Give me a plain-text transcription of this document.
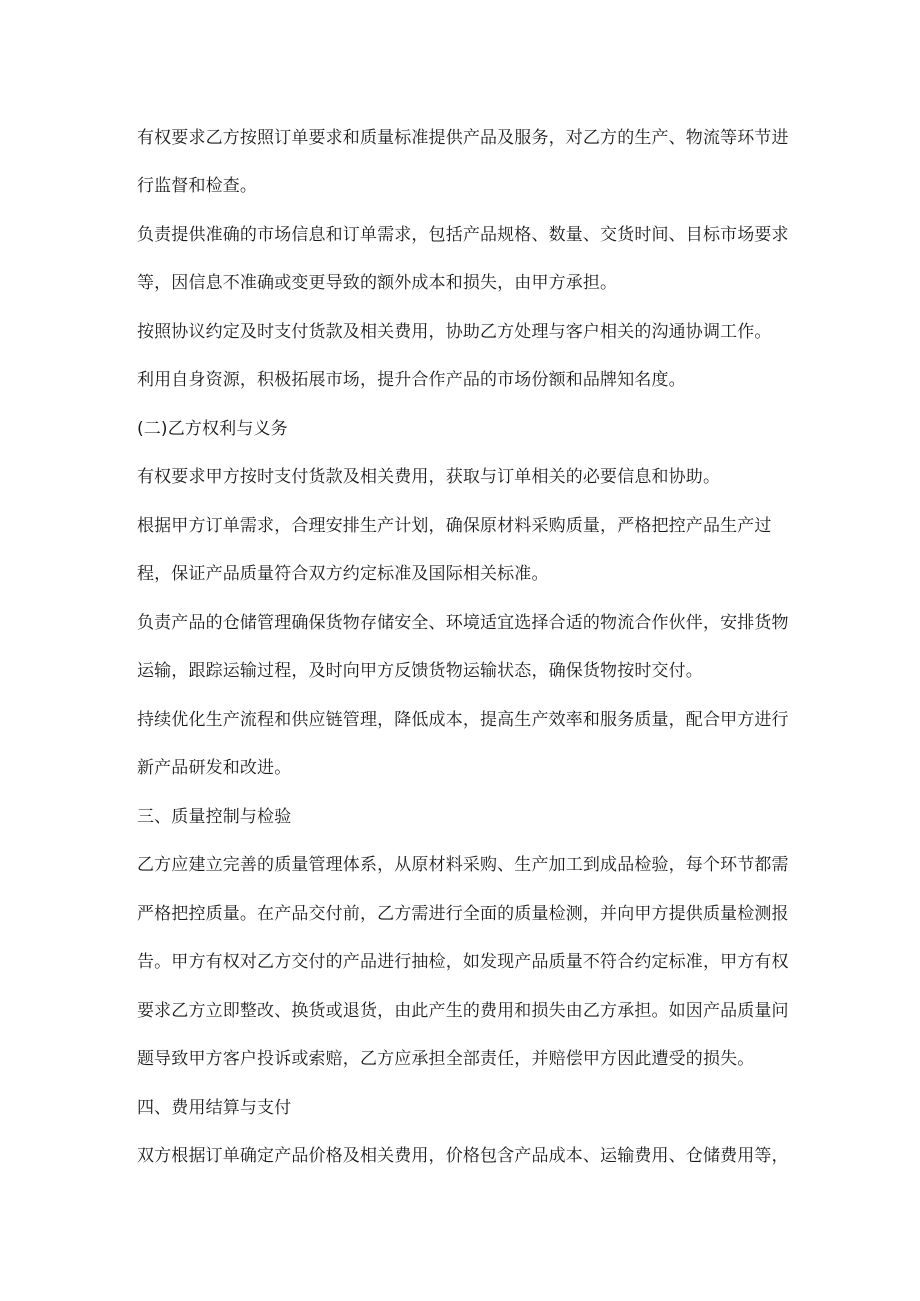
有权要求乙方按照订单要求和质量标准提供产品及服务，对乙方的生产、物流等环节进
行监督和检查。
负责提供准确的市场信息和订单需求，包括产品规格、数量、交货时间、目标市场要求
等，因信息不准确或变更导致的额外成本和损失，由甲方承担。
按照协议约定及时支付货款及相关费用，协助乙方处理与客户相关的沟通协调工作。
利用自身资源，积极拓展市场，提升合作产品的市场份额和品牌知名度。
(二)乙方权利与义务
有权要求甲方按时支付货款及相关费用，获取与订单相关的必要信息和协助。
根据甲方订单需求，合理安排生产计划，确保原材料采购质量，严格把控产品生产过
程，保证产品质量符合双方约定标准及国际相关标准。
负责产品的仓储管理确保货物存储安全、环境适宜选择合适的物流合作伙伴，安排货物
运输，跟踪运输过程，及时向甲方反馈货物运输状态，确保货物按时交付。
持续优化生产流程和供应链管理，降低成本，提高生产效率和服务质量，配合甲方进行
新产品研发和改进。
三、质量控制与检验
乙方应建立完善的质量管理体系，从原材料采购、生产加工到成品检验，每个环节都需
严格把控质量。在产品交付前，乙方需进行全面的质量检测，并向甲方提供质量检测报
告。甲方有权对乙方交付的产品进行抽检，如发现产品质量不符合约定标准，甲方有权
要求乙方立即整改、换货或退货，由此产生的费用和损失由乙方承担。如因产品质量问
题导致甲方客户投诉或索赔，乙方应承担全部责任，并赔偿甲方因此遭受的损失。
四、费用结算与支付
双方根据订单确定产品价格及相关费用，价格包含产品成本、运输费用、仓储费用等，
